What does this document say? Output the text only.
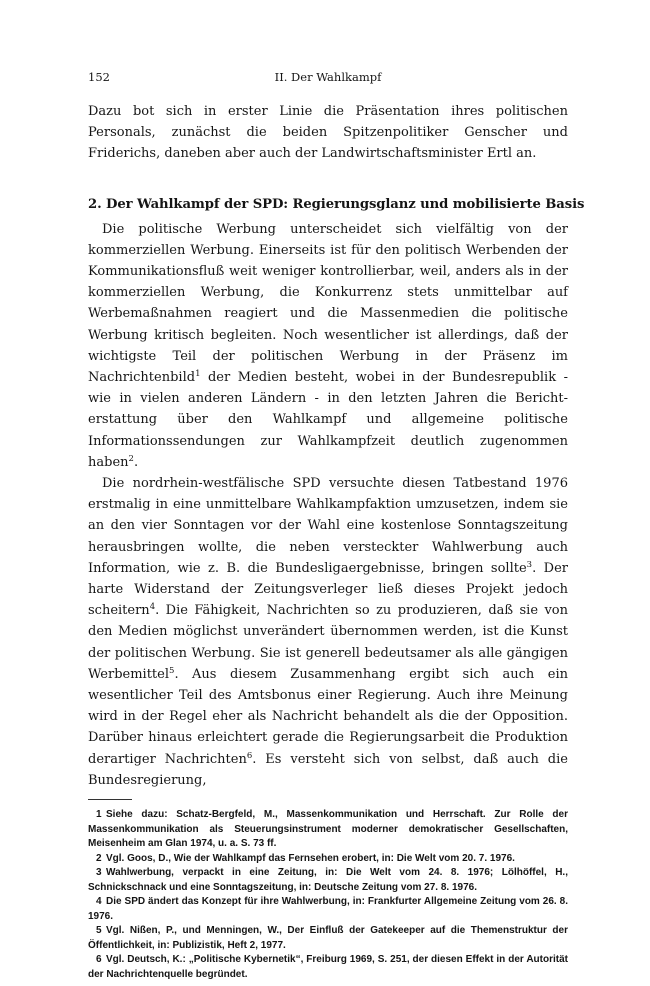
II. Der Wahlkampf
152

Dazu bot sich in erster Linie die Präsentation ihres politischen Personals, zunächst die beiden Spitzenpolitiker Genscher und Friderichs, daneben aber auch der Landwirtschaftsminister Ertl an.

2. Der Wahlkampf der SPD: Regierungsglanz und mobilisierte Basis

Die politische Werbung unterscheidet sich vielfältig von der kommerziellen Werbung. Einerseits ist für den politisch Werbenden der Kommunikationsfluß weit weniger kontrollierbar, weil, anders als in der kommerziellen Werbung, die Konkurrenz stets unmittelbar auf Werbemaßnahmen reagiert und die Massenmedien die politische Werbung kritisch begleiten. Noch wesentlicher ist allerdings, daß der wichtigste Teil der politischen Werbung in der Präsenz im Nachrichtenbild$^1$ der Medien besteht, wobei in der Bundesrepublik - wie in vielen anderen Ländern - in den letzten Jahren die Berichterstattung über den Wahlkampf und allgemeine politische Informationssendungen zur Wahlkampfzeit deutlich zugenommen haben$^2$.

Die nordrhein-westfälische SPD versuchte diesen Tatbestand 1976 erstmalig in eine unmittelbare Wahlkampfaktion umzusetzen, indem sie an den vier Sonntagen vor der Wahl eine kostenlose Sonntagszeitung herausbringen wollte, die neben versteckter Wahlwerbung auch Information, wie z. B. die Bundesligaergebnisse, bringen sollte$^3$. Der harte Widerstand der Zeitungsverleger ließ dieses Projekt jedoch scheitern$^4$. Die Fähigkeit, Nachrichten so zu produzieren, daß sie von den Medien möglichst unverändert übernommen werden, ist die Kunst der politischen Werbung. Sie ist generell bedeutsamer als alle gängigen Werbemittel$^5$. Aus diesem Zusammenhang ergibt sich auch ein wesentlicher Teil des Amtsbonus einer Regierung. Auch ihre Meinung wird in der Regel eher als Nachricht behandelt als die der Opposition. Darüber hinaus erleichtert gerade die Regierungsarbeit die Produktion derartiger Nachrichten$^6$. Es versteht sich von selbst, daß auch die Bundesregierung,

1 Siehe dazu: Schatz-Bergfeld, M., Massenkommunikation und Herrschaft. Zur Rolle der Massenkommunikation als Steuerungsinstrument moderner demokratischer Gesellschaften, Meisenheim am Glan 1974, u. a. S. 73 ff.

2 Vgl. Goos, D., Wie der Wahlkampf das Fernsehen erobert, in: Die Welt vom 20. 7. 1976.

3 Wahlwerbung, verpackt in eine Zeitung, in: Die Welt vom 24. 8. 1976; Lölhöffel, H., Schnickschnack und eine Sonntagszeitung, in: Deutsche Zeitung vom 27. 8. 1976.

4 Die SPD ändert das Konzept für ihre Wahlwerbung, in: Frankfurter Allgemeine Zeitung vom 26. 8. 1976.

5 Vgl. Nißen, P., und Menningen, W., Der Einfluß der Gatekeeper auf die Themenstruktur der Öffentlichkeit, in: Publizistik, Heft 2, 1977.

6 Vgl. Deutsch, K.: „Politische Kybernetik“, Freiburg 1969, S. 251, der diesen Effekt in der Autorität der Nachrichtenquelle begründet.
